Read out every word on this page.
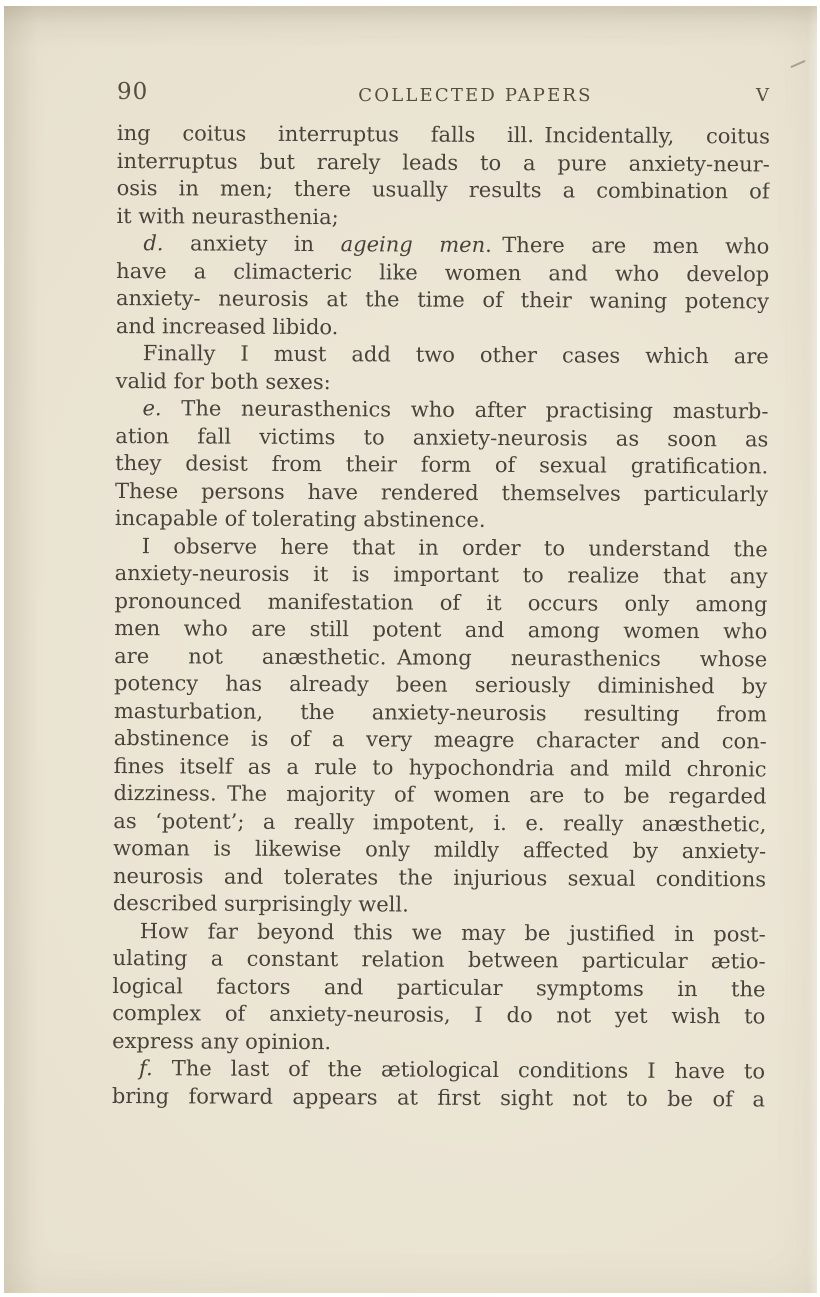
90	COLLECTED PAPERS	V
ing coitus interruptus falls ill. Incidentally, coitus
interruptus but rarely leads to a pure anxiety-neur-
osis in men; there usually results a combination of
it with neurasthenia;
d. anxiety in ageing men. There are men who
have a climacteric like women and who develop
anxiety- neurosis at the time of their waning potency
and increased libido.
Finally I must add two other cases which are
valid for both sexes:
e. The neurasthenics who after practising masturb-
ation fall victims to anxiety-neurosis as soon as
they desist from their form of sexual gratification.
These persons have rendered themselves particularly
incapable of tolerating abstinence.
I observe here that in order to understand the
anxiety-neurosis it is important to realize that any
pronounced manifestation of it occurs only among
men who are still potent and among women who
are not anæsthetic. Among neurasthenics whose
potency has already been seriously diminished by
masturbation, the anxiety-neurosis resulting from
abstinence is of a very meagre character and con-
fines itself as a rule to hypochondria and mild chronic
dizziness. The majority of women are to be regarded
as ‘potent’; a really impotent, i. e. really anæsthetic,
woman is likewise only mildly affected by anxiety-
neurosis and tolerates the injurious sexual conditions
described surprisingly well.
How far beyond this we may be justified in post-
ulating a constant relation between particular ætio-
logical factors and particular symptoms in the
complex of anxiety-neurosis, I do not yet wish to
express any opinion.
f. The last of the ætiological conditions I have to
bring forward appears at first sight not to be of a
